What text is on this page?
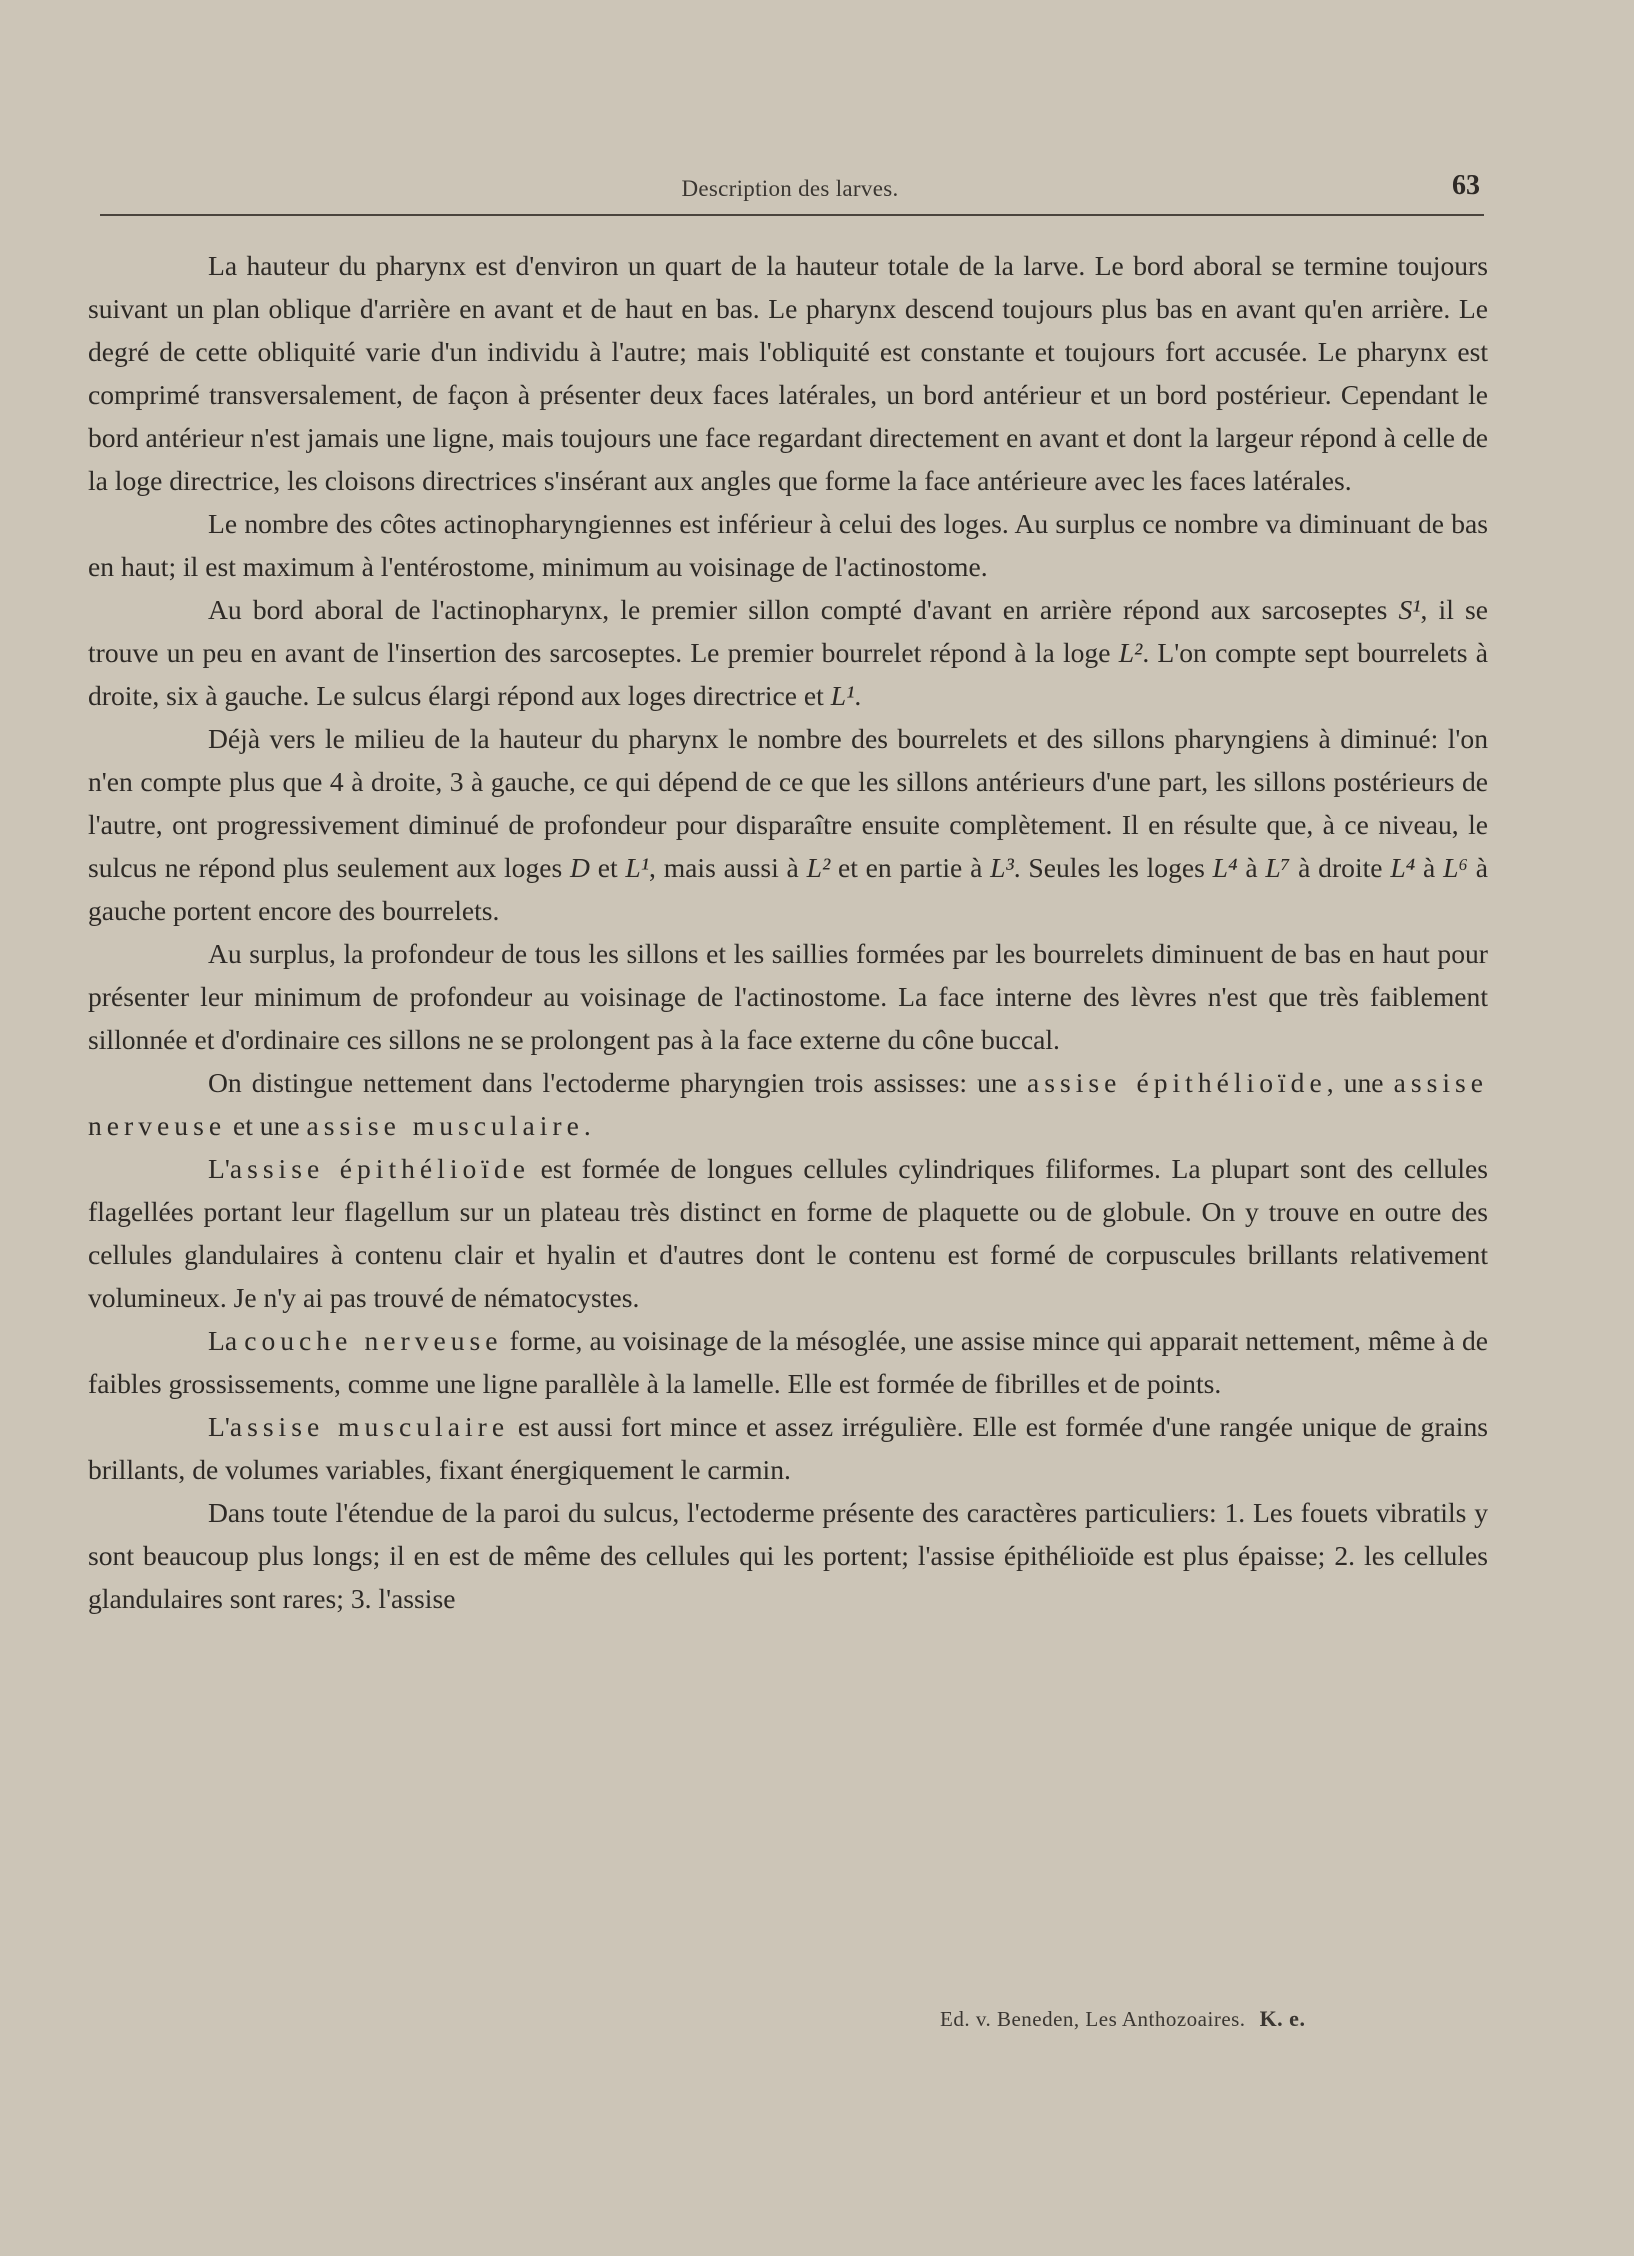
Description des larves.	63

La hauteur du pharynx est d'environ un quart de la hauteur totale de la larve. Le bord aboral se termine toujours suivant un plan oblique d'arrière en avant et de haut en bas. Le pharynx descend toujours plus bas en avant qu'en arrière. Le degré de cette obliquité varie d'un individu à l'autre; mais l'obliquité est constante et toujours fort accusée. Le pharynx est comprimé transversalement, de façon à présenter deux faces latérales, un bord antérieur et un bord postérieur. Cependant le bord antérieur n'est jamais une ligne, mais toujours une face regardant directement en avant et dont la largeur répond à celle de la loge directrice, les cloisons directrices s'insérant aux angles que forme la face antérieure avec les faces latérales.

Le nombre des côtes actinopharyngiennes est inférieur à celui des loges. Au surplus ce nombre va diminuant de bas en haut; il est maximum à l'entérostome, minimum au voisinage de l'actinostome.

Au bord aboral de l'actinopharynx, le premier sillon compté d'avant en arrière répond aux sarcoseptes S¹, il se trouve un peu en avant de l'insertion des sarcoseptes. Le premier bourrelet répond à la loge L². L'on compte sept bourrelets à droite, six à gauche. Le sulcus élargi répond aux loges directrice et L¹.

Déjà vers le milieu de la hauteur du pharynx le nombre des bourrelets et des sillons pharyngiens à diminué: l'on n'en compte plus que 4 à droite, 3 à gauche, ce qui dépend de ce que les sillons antérieurs d'une part, les sillons postérieurs de l'autre, ont progressivement diminué de profondeur pour disparaître ensuite complètement. Il en résulte que, à ce niveau, le sulcus ne répond plus seulement aux loges D et L¹, mais aussi à L² et en partie à L³. Seules les loges L⁴ à L⁷ à droite L⁴ à L⁶ à gauche portent encore des bourrelets.

Au surplus, la profondeur de tous les sillons et les saillies formées par les bourrelets diminuent de bas en haut pour présenter leur minimum de profondeur au voisinage de l'actinostome. La face interne des lèvres n'est que très faiblement sillonnée et d'ordinaire ces sillons ne se prolongent pas à la face externe du cône buccal.

On distingue nettement dans l'ectoderme pharyngien trois assisses: une assise épithélioïde, une assise nerveuse et une assise musculaire.

L'assise épithélioïde est formée de longues cellules cylindriques filiformes. La plupart sont des cellules flagellées portant leur flagellum sur un plateau très distinct en forme de plaquette ou de globule. On y trouve en outre des cellules glandulaires à contenu clair et hyalin et d'autres dont le contenu est formé de corpuscules brillants relativement volumineux. Je n'y ai pas trouvé de nématocystes.

La couche nerveuse forme, au voisinage de la mésoglée, une assise mince qui apparait nettement, même à de faibles grossissements, comme une ligne parallèle à la lamelle. Elle est formée de fibrilles et de points.

L'assise musculaire est aussi fort mince et assez irrégulière. Elle est formée d'une rangée unique de grains brillants, de volumes variables, fixant énergiquement le carmin.

Dans toute l'étendue de la paroi du sulcus, l'ectoderme présente des caractères particuliers: 1. Les fouets vibratils y sont beaucoup plus longs; il en est de même des cellules qui les portent; l'assise épithélioïde est plus épaisse; 2. les cellules glandulaires sont rares; 3. l'assise

Ed. v. Beneden, Les Anthozoaires. K. e.
